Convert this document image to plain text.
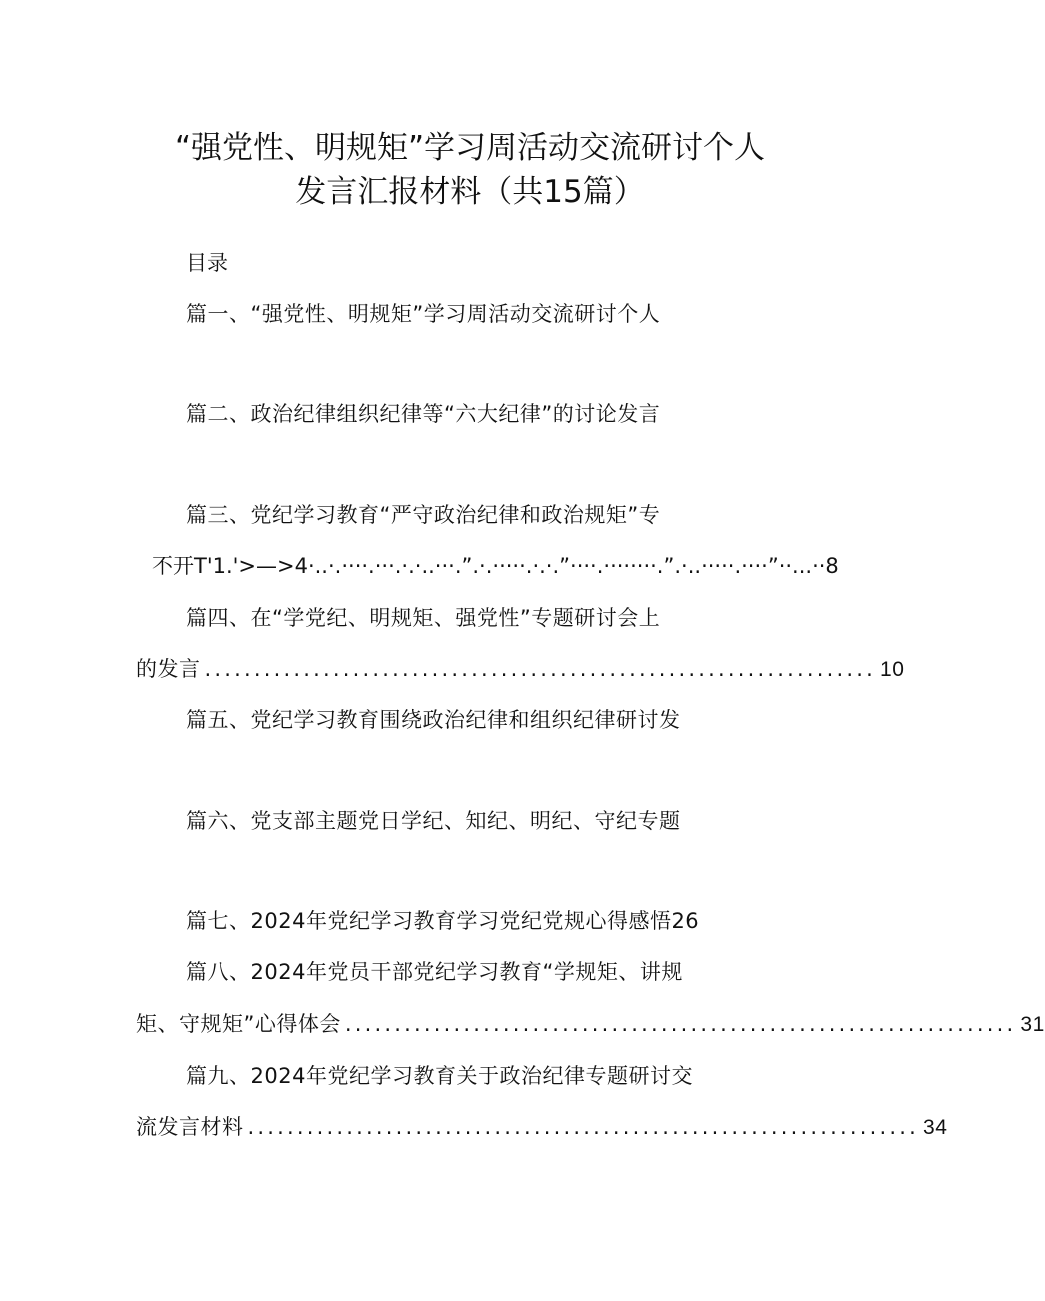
“强党性、明规矩”学习周活动交流研讨个人
发言汇报材料（共15篇）
目录
篇一、“强党性、明规矩”学习周活动交流研讨个人
篇二、政治纪律组织纪律等“六大纪律”的讨论发言
篇三、党纪学习教育“严守政治纪律和政治规矩”专
不开T'1.'>—>4·..·.····.···.·.·..···.”.·.·····.·.·.”····.········.”.·..·····.····”··...··8
篇四、在“学党纪、明规矩、强党性”专题研讨会上
的发言 .................................................................... 10
篇五、党纪学习教育围绕政治纪律和组织纪律研讨发
篇六、党支部主题党日学纪、知纪、明纪、守纪专题
篇七、2024年党纪学习教育学习党纪党规心得感悟26
篇八、2024年党员干部党纪学习教育“学规矩、讲规
矩、守规矩”心得体会 .................................................................... 31
篇九、2024年党纪学习教育关于政治纪律专题研讨交
流发言材料 .................................................................... 34
